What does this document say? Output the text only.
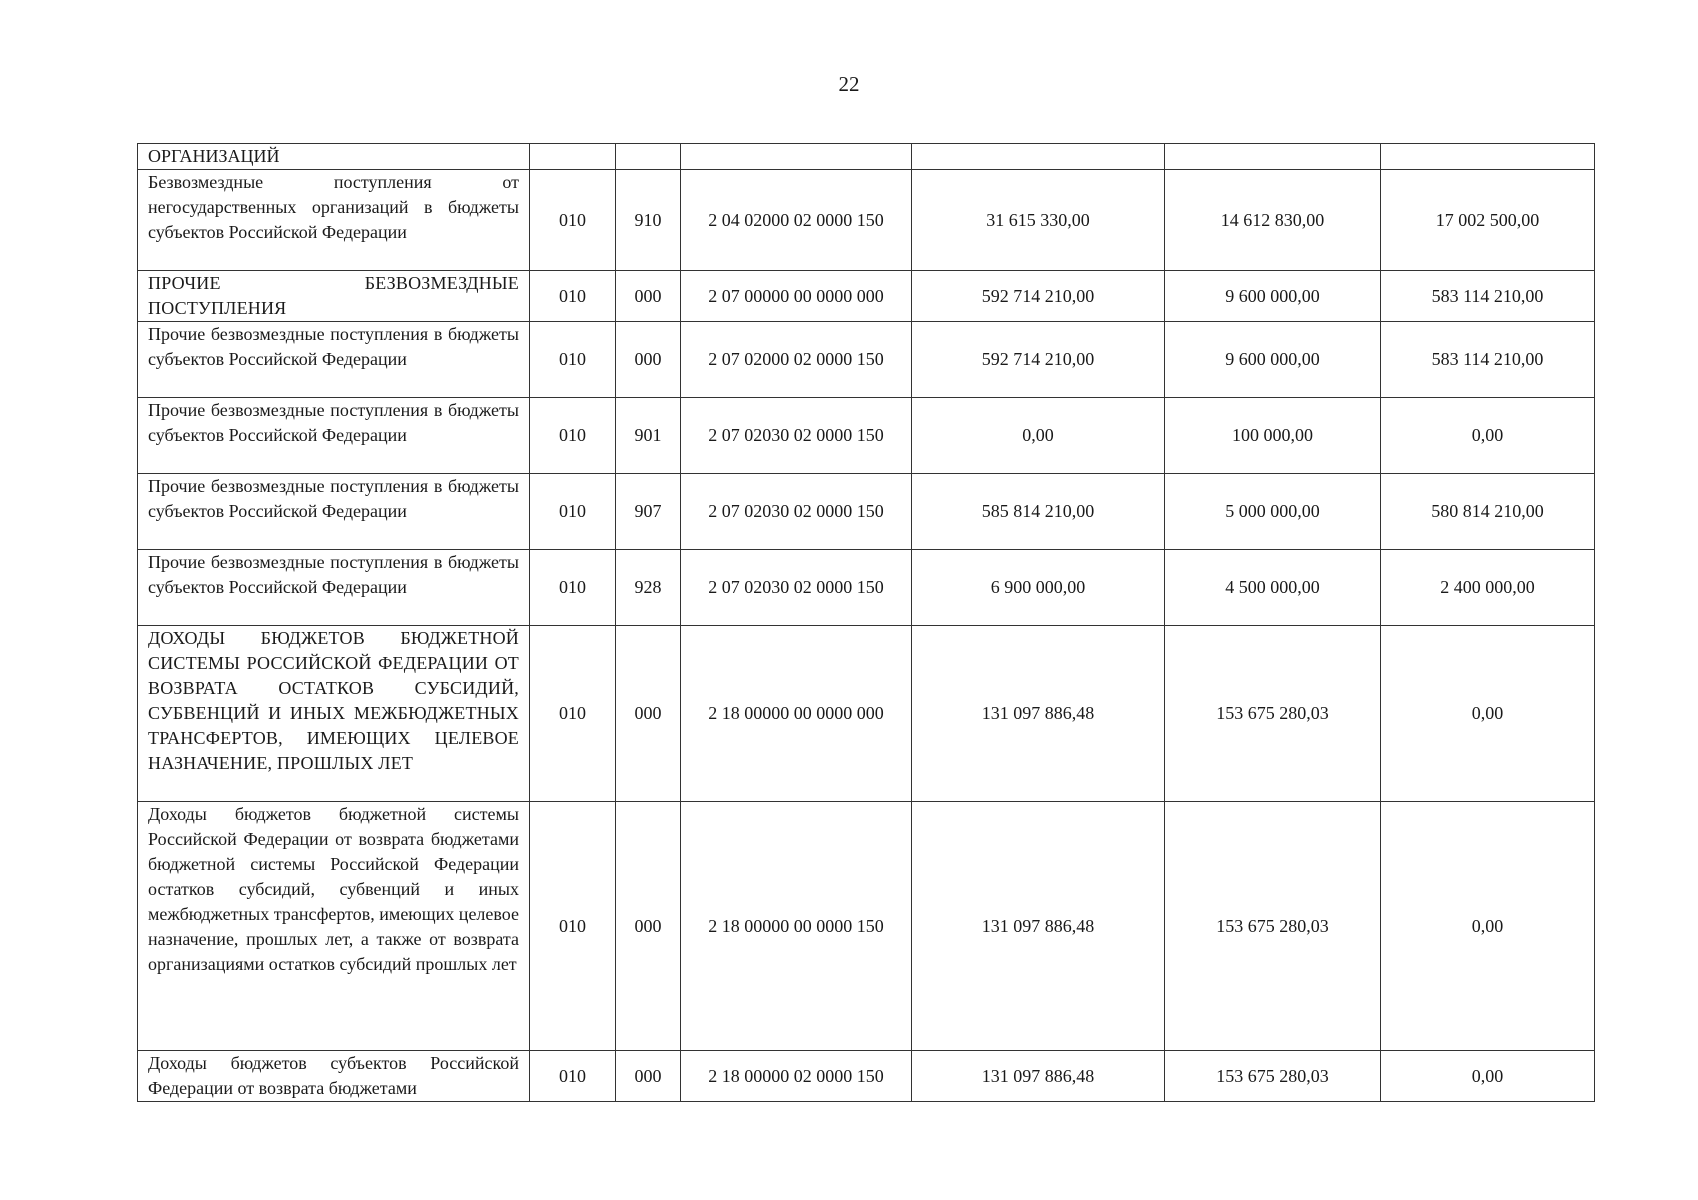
22
ОРГАНИЗАЦИЙ						
Безвозмездные поступления от негосударственных организаций в бюджеты субъектов Российской Федерации	010	910	2 04 02000 02 0000 150	31 615 330,00	14 612 830,00	17 002 500,00
ПРОЧИЕ БЕЗВОЗМЕЗДНЫЕ ПОСТУПЛЕНИЯ	010	000	2 07 00000 00 0000 000	592 714 210,00	9 600 000,00	583 114 210,00
Прочие безвозмездные поступления в бюджеты субъектов Российской Федерации	010	000	2 07 02000 02 0000 150	592 714 210,00	9 600 000,00	583 114 210,00
Прочие безвозмездные поступления в бюджеты субъектов Российской Федерации	010	901	2 07 02030 02 0000 150	0,00	100 000,00	0,00
Прочие безвозмездные поступления в бюджеты субъектов Российской Федерации	010	907	2 07 02030 02 0000 150	585 814 210,00	5 000 000,00	580 814 210,00
Прочие безвозмездные поступления в бюджеты субъектов Российской Федерации	010	928	2 07 02030 02 0000 150	6 900 000,00	4 500 000,00	2 400 000,00
ДОХОДЫ БЮДЖЕТОВ БЮДЖЕТНОЙ СИСТЕМЫ РОССИЙСКОЙ ФЕДЕРАЦИИ ОТ ВОЗВРАТА ОСТАТКОВ СУБСИДИЙ, СУБВЕНЦИЙ И ИНЫХ МЕЖБЮДЖЕТНЫХ ТРАНСФЕРТОВ, ИМЕЮЩИХ ЦЕЛЕВОЕ НАЗНАЧЕНИЕ, ПРОШЛЫХ ЛЕТ	010	000	2 18 00000 00 0000 000	131 097 886,48	153 675 280,03	0,00
Доходы бюджетов бюджетной системы Российской Федерации от возврата бюджетами бюджетной системы Российской Федерации остатков субсидий, субвенций и иных межбюджетных трансфертов, имеющих целевое назначение, прошлых лет, а также от возврата организациями остатков субсидий прошлых лет	010	000	2 18 00000 00 0000 150	131 097 886,48	153 675 280,03	0,00
Доходы бюджетов субъектов Российской Федерации от возврата бюджетами	010	000	2 18 00000 02 0000 150	131 097 886,48	153 675 280,03	0,00
